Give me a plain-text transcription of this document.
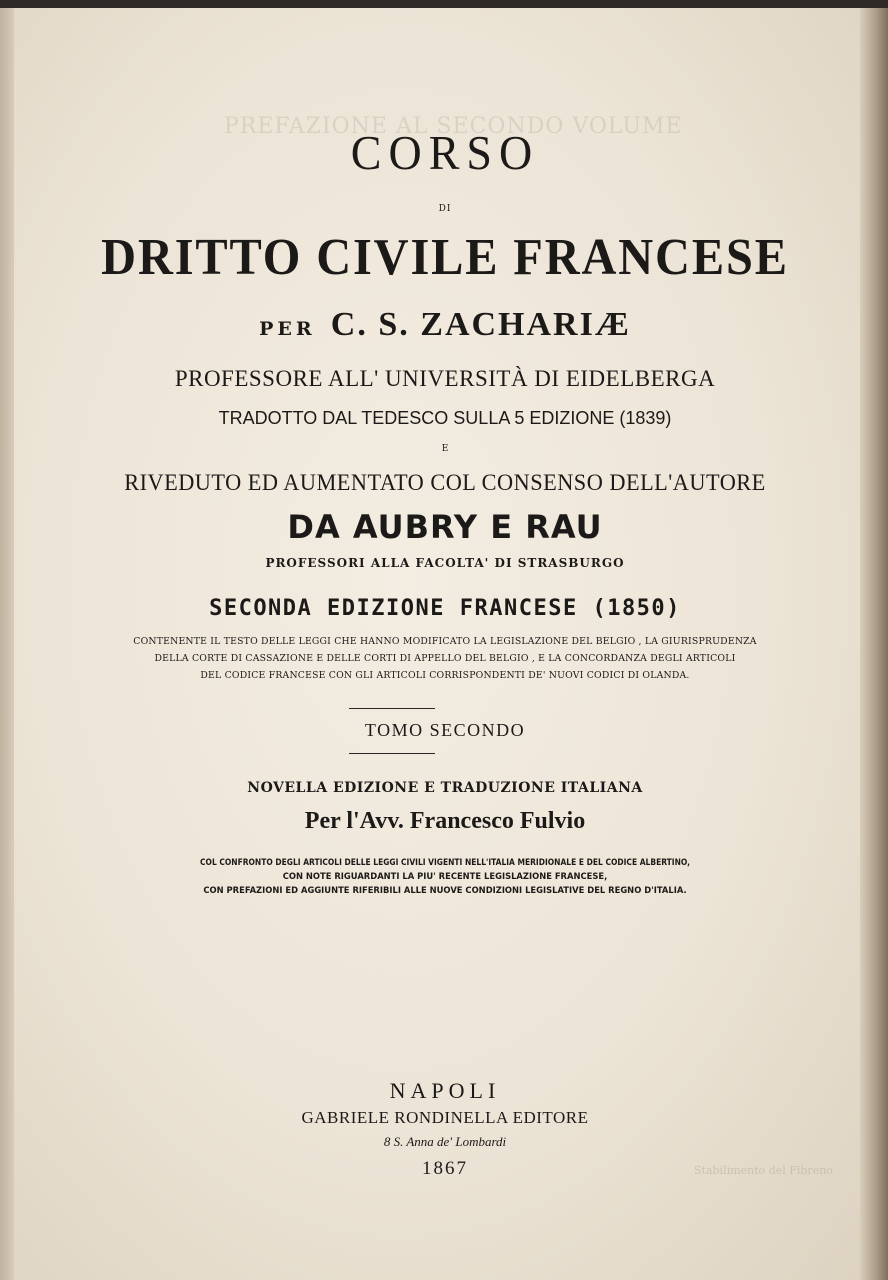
PREFAZIONE AL SECONDO VOLUME
Stabilimento del Fibreno
CORSO
DI
DRITTO CIVILE FRANCESE
PER C. S. ZACHARIÆ
PROFESSORE ALL' UNIVERSITÀ DI EIDELBERGA
TRADOTTO DAL TEDESCO SULLA 5 EDIZIONE (1839)
E
RIVEDUTO ED AUMENTATO COL CONSENSO DELL'AUTORE
DA AUBRY E RAU
PROFESSORI ALLA FACOLTA' DI STRASBURGO
SECONDA EDIZIONE FRANCESE (1850)
CONTENENTE IL TESTO DELLE LEGGI CHE HANNO MODIFICATO LA LEGISLAZIONE DEL BELGIO , LA GIURISPRUDENZA
DELLA CORTE DI CASSAZIONE E DELLE CORTI DI APPELLO DEL BELGIO , E LA CONCORDANZA DEGLI ARTICOLI
DEL CODICE FRANCESE CON GLI ARTICOLI CORRISPONDENTI DE' NUOVI CODICI DI OLANDA.
TOMO SECONDO
NOVELLA EDIZIONE E TRADUZIONE ITALIANA
Per l'Avv. Francesco Fulvio
COL CONFRONTO DEGLI ARTICOLI DELLE LEGGI CIVILI VIGENTI NELL'ITALIA MERIDIONALE E DEL CODICE ALBERTINO,
CON NOTE RIGUARDANTI LA PIU' RECENTE LEGISLAZIONE FRANCESE,
CON PREFAZIONI ED AGGIUNTE RIFERIBILI ALLE NUOVE CONDIZIONI LEGISLATIVE DEL REGNO D'ITALIA.
NAPOLI
GABRIELE RONDINELLA EDITORE
8 S. Anna de' Lombardi
1867
